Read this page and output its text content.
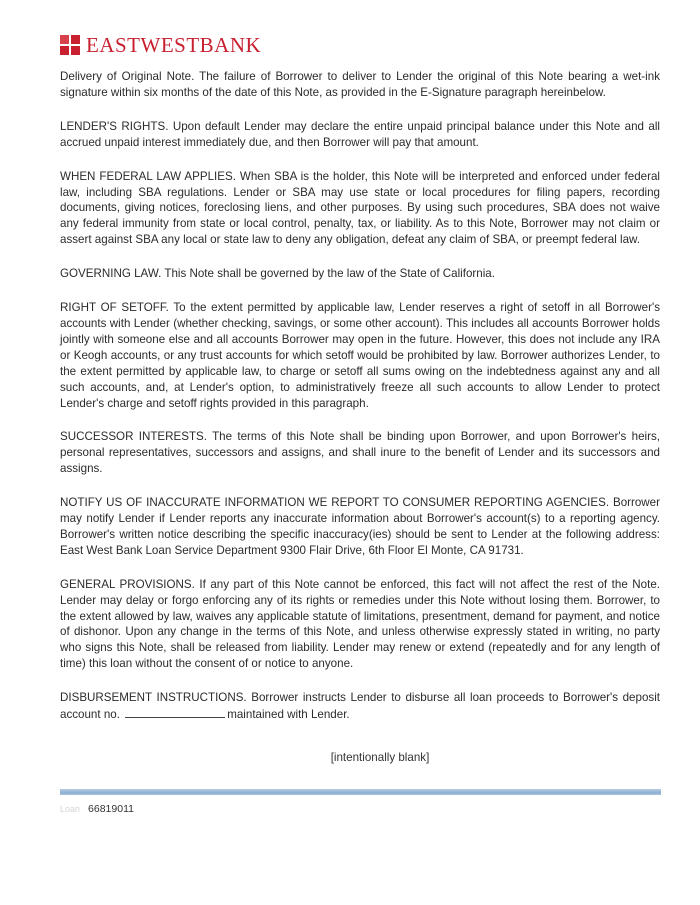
EASTWESTBANK

Delivery of Original Note. The failure of Borrower to deliver to Lender the original of this Note bearing a wet-ink signature within six months of the date of this Note, as provided in the E-Signature paragraph hereinbelow.

LENDER'S RIGHTS. Upon default Lender may declare the entire unpaid principal balance under this Note and all accrued unpaid interest immediately due, and then Borrower will pay that amount.

WHEN FEDERAL LAW APPLIES. When SBA is the holder, this Note will be interpreted and enforced under federal law, including SBA regulations. Lender or SBA may use state or local procedures for filing papers, recording documents, giving notices, foreclosing liens, and other purposes. By using such procedures, SBA does not waive any federal immunity from state or local control, penalty, tax, or liability. As to this Note, Borrower may not claim or assert against SBA any local or state law to deny any obligation, defeat any claim of SBA, or preempt federal law.

GOVERNING LAW. This Note shall be governed by the law of the State of California.

RIGHT OF SETOFF. To the extent permitted by applicable law, Lender reserves a right of setoff in all Borrower's accounts with Lender (whether checking, savings, or some other account). This includes all accounts Borrower holds jointly with someone else and all accounts Borrower may open in the future. However, this does not include any IRA or Keogh accounts, or any trust accounts for which setoff would be prohibited by law. Borrower authorizes Lender, to the extent permitted by applicable law, to charge or setoff all sums owing on the indebtedness against any and all such accounts, and, at Lender's option, to administratively freeze all such accounts to allow Lender to protect Lender's charge and setoff rights provided in this paragraph.

SUCCESSOR INTERESTS. The terms of this Note shall be binding upon Borrower, and upon Borrower's heirs, personal representatives, successors and assigns, and shall inure to the benefit of Lender and its successors and assigns.

NOTIFY US OF INACCURATE INFORMATION WE REPORT TO CONSUMER REPORTING AGENCIES. Borrower may notify Lender if Lender reports any inaccurate information about Borrower's account(s) to a reporting agency. Borrower's written notice describing the specific inaccuracy(ies) should be sent to Lender at the following address: East West Bank Loan Service Department 9300 Flair Drive, 6th Floor El Monte, CA 91731.

GENERAL PROVISIONS. If any part of this Note cannot be enforced, this fact will not affect the rest of the Note. Lender may delay or forgo enforcing any of its rights or remedies under this Note without losing them. Borrower, to the extent allowed by law, waives any applicable statute of limitations, presentment, demand for payment, and notice of dishonor. Upon any change in the terms of this Note, and unless otherwise expressly stated in writing, no party who signs this Note, shall be released from liability. Lender may renew or extend (repeatedly and for any length of time) this loan without the consent of or notice to anyone.

DISBURSEMENT INSTRUCTIONS. Borrower instructs Lender to disburse all loan proceeds to Borrower's deposit account no.	maintained with Lender.

[intentionally blank]
Loan 66819011
